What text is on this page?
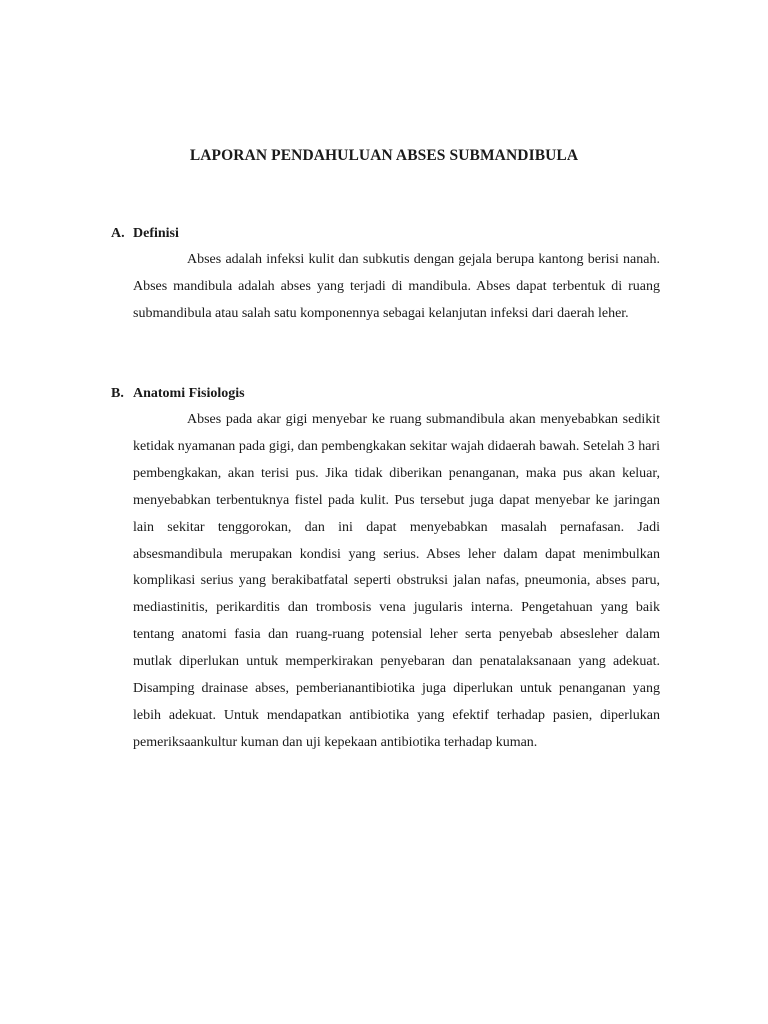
LAPORAN PENDAHULUAN ABSES SUBMANDIBULA
A. Definisi

Abses adalah infeksi kulit dan subkutis dengan gejala berupa kantong berisi nanah. Abses mandibula adalah abses yang terjadi di mandibula. Abses dapat terbentuk di ruang submandibula atau salah satu komponennya sebagai kelanjutan infeksi dari daerah leher.

B. Anatomi Fisiologis

Abses pada akar gigi menyebar ke ruang submandibula akan menyebabkan sedikit ketidak nyamanan pada gigi, dan pembengkakan sekitar wajah didaerah bawah. Setelah 3 hari pembengkakan, akan terisi pus. Jika tidak diberikan penanganan, maka pus akan keluar, menyebabkan terbentuknya fistel pada kulit. Pus tersebut juga dapat menyebar ke jaringan lain sekitar tenggorokan, dan ini dapat menyebabkan masalah pernafasan. Jadi absesmandibula merupakan kondisi yang serius. Abses leher dalam dapat menimbulkan komplikasi serius yang berakibatfatal seperti obstruksi jalan nafas, pneumonia, abses paru, mediastinitis, perikarditis dan trombosis vena jugularis interna. Pengetahuan yang baik tentang anatomi fasia dan ruang-ruang potensial leher serta penyebab absesleher dalam mutlak diperlukan untuk memperkirakan penyebaran dan penatalaksanaan yang adekuat. Disamping drainase abses, pemberianantibiotika juga diperlukan untuk penanganan yang lebih adekuat. Untuk mendapatkan antibiotika yang efektif terhadap pasien, diperlukan pemeriksaankultur kuman dan uji kepekaan antibiotika terhadap kuman.
